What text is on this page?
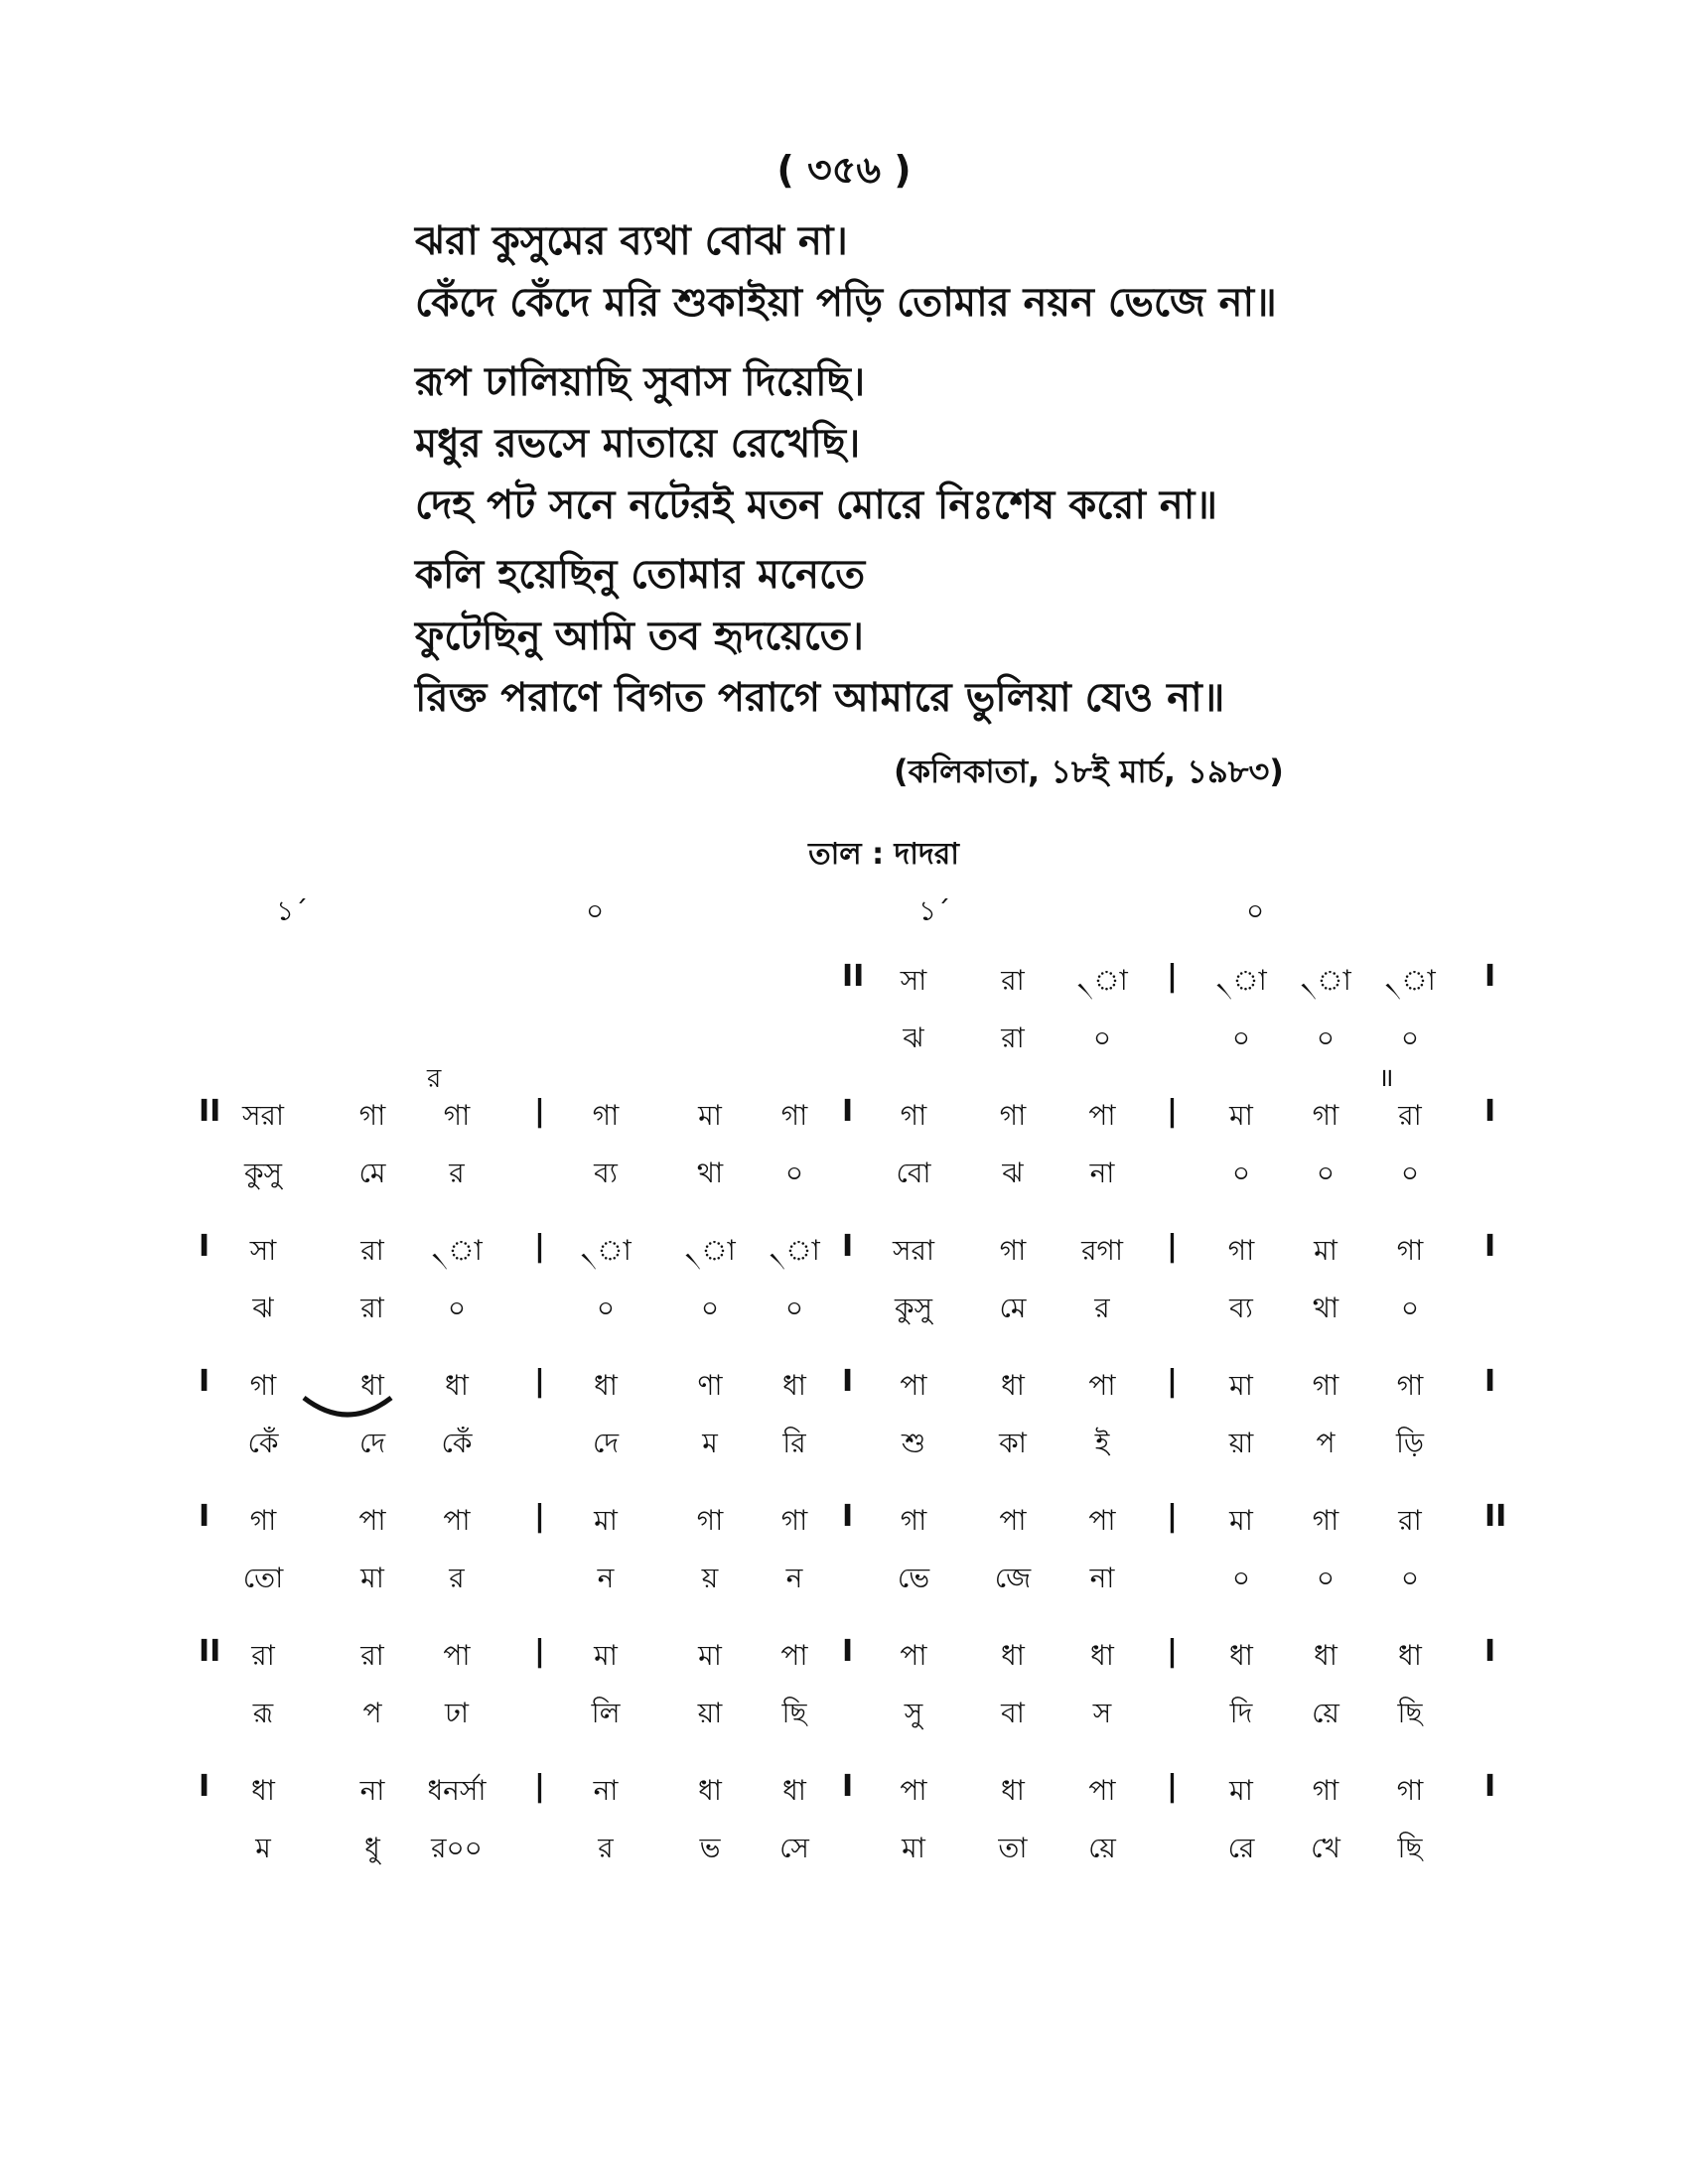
( ৩৫৬ )
ঝরা কুসুমের ব্যথা বোঝ না।
কেঁদে কেঁদে মরি শুকাইয়া পড়ি তোমার নয়ন ভেজে না॥
রূপ ঢালিয়াছি সুবাস দিয়েছি।
মধুর রভসে মাতায়ে রেখেছি।
দেহ পট সনে নটেরই মতন মোরে নিঃশেষ করো না॥
কলি হয়েছিনু তোমার মনেতে
ফুটেছিনু আমি তব হৃদয়েতে।
রিক্ত পরাণে বিগত পরাগে আমারে ভুলিয়া যেও না॥
(কলিকাতা, ১৮ই মার্চ, ১৯৮৩)
তাল : দাদরা
১´	০	১´	০
II	|	I
সা	রা	৲া	৲া	৲া	৲া
ঝ	রা	০	০	০	০
II	|	I	|	I
সরা	গা	গা	গা	মা	গা	গা	গা	পা	মা	গা	রা
কুসু	মে	র	ব্য	থা	০	বো	ঝ	না	০	০	০
I	|	I	|	I
সা	রা	৲া	৲া	৲া	৲া	সরা	গা	রগা	গা	মা	গা
ঝ	রা	০	০	০	০	কুসু	মে	র	ব্য	থা	০
I	|	I	|	I
গা	ধা	ধা	ধা	ণা	ধা	পা	ধা	পা	মা	গা	গা
কেঁ	দে	কেঁ	দে	ম	রি	শু	কা	ই	য়া	প	ড়ি
I	|	I	|	II
গা	পা	পা	মা	গা	গা	গা	পা	পা	মা	গা	রা
তো	মা	র	ন	য়	ন	ভে	জে	না	০	০	০
II	|	I	|	I
রা	রা	পা	মা	মা	পা	পা	ধা	ধা	ধা	ধা	ধা
রূ	প	ঢা	লি	য়া	ছি	সু	বা	স	দি	য়ে	ছি
I	|	I	|	I
ধা	না	ধনর্সা	না	ধা	ধা	পা	ধা	পা	মা	গা	গা
ম	ধু	র০০	র	ভ	সে	মা	তা	য়ে	রে	খে	ছি
র	॥
